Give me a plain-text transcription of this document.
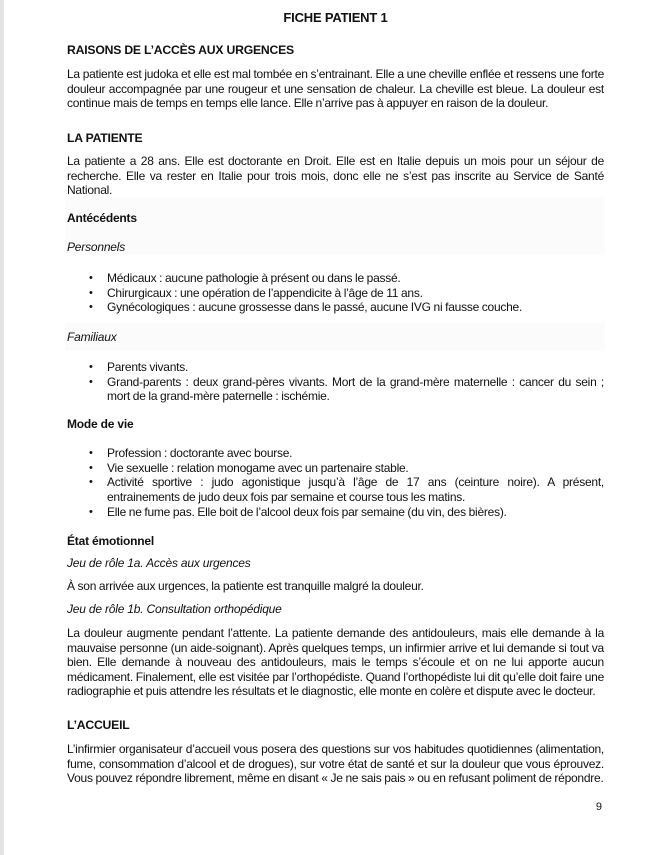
FICHE PATIENT 1
RAISONS DE L’ACCÈS AUX URGENCES
La patiente est judoka et elle est mal tombée en s’entrainant. Elle a une cheville enflée et ressens une forte douleur accompagnée par une rougeur et une sensation de chaleur. La cheville est bleue. La douleur est continue mais de temps en temps elle lance. Elle n’arrive pas à appuyer en raison de la douleur.
LA PATIENTE
La patiente a 28 ans. Elle est doctorante en Droit. Elle est en Italie depuis un mois pour un séjour de recherche. Elle va rester en Italie pour trois mois, donc elle ne s’est pas inscrite au Service de Santé National.
Antécédents
Personnels
• Médicaux : aucune pathologie à présent ou dans le passé.
• Chirurgicaux : une opération de l’appendicite à l’âge de 11 ans.
• Gynécologiques : aucune grossesse dans le passé, aucune IVG ni fausse couche.
Familiaux
• Parents vivants.
• Grand-parents : deux grand-pères vivants. Mort de la grand-mère maternelle : cancer du sein ; mort de la grand-mère paternelle : ischémie.
Mode de vie
• Profession : doctorante avec bourse.
• Vie sexuelle : relation monogame avec un partenaire stable.
• Activité sportive : judo agonistique jusqu’à l’âge de 17 ans (ceinture noire). A présent, entrainements de judo deux fois par semaine et course tous les matins.
• Elle ne fume pas. Elle boit de l’alcool deux fois par semaine (du vin, des bières).
État émotionnel
Jeu de rôle 1a. Accès aux urgences
À son arrivée aux urgences, la patiente est tranquille malgré la douleur.
Jeu de rôle 1b. Consultation orthopédique
La douleur augmente pendant l’attente. La patiente demande des antidouleurs, mais elle demande à la mauvaise personne (un aide-soignant). Après quelques temps, un infirmier arrive et lui demande si tout va bien. Elle demande à nouveau des antidouleurs, mais le temps s’écoule et on ne lui apporte aucun médicament. Finalement, elle est visitée par l’orthopédiste. Quand l’orthopédiste lui dit qu’elle doit faire une radiographie et puis attendre les résultats et le diagnostic, elle monte en colère et dispute avec le docteur.
L’ACCUEIL
L’infirmier organisateur d’accueil vous posera des questions sur vos habitudes quotidiennes (alimentation, fume, consommation d’alcool et de drogues), sur votre état de santé et sur la douleur que vous éprouvez. Vous pouvez répondre librement, même en disant « Je ne sais pais » ou en refusant poliment de répondre.
9
